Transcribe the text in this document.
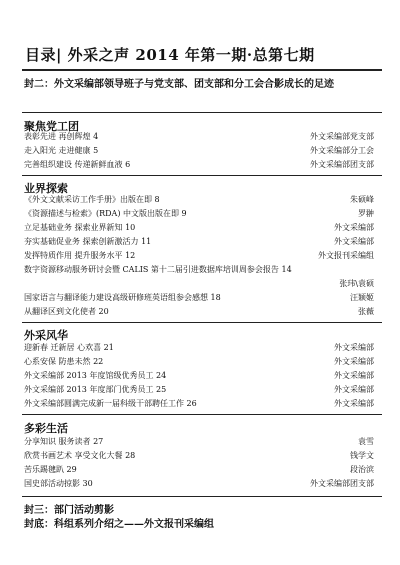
目录| 外采之声 2014 年第一期·总第七期
封二：外文采编部领导班子与党支部、团支部和分工会合影成长的足迹
聚焦党工团
表彰先进 再创辉煌 4	外文采编部党支部
走入阳光 走进健康 5	外文采编部分工会
完善组织建设 传递新鲜血液 6	外文采编部团支部
业界探索
《外文文献采访工作手册》出版在即 8	朱硕峰
《资源描述与检索》(RDA) 中文版出版在即 9	罗翀
立足基础业务 探索业界新知 10	外文采编部
夯实基础促业务 探索创新激活力 11	外文采编部
发挥特质作用 提升服务水平 12	外文报刊采编组
数字资源移动服务研讨会暨 CALIS 第十二届引进数据库培训周参会报告 14
张玮\袁硕
国家语言与翻译能力建设高级研修班英语组参会感想 18	汪颖姬
从翻译区到文化使者 20	张薇
外采风华
迎新春 迁新居 心欢喜 21	外文采编部
心系安保 防患未然 22	外文采编部
外文采编部 2013 年度馆级优秀员工 24	外文采编部
外文采编部 2013 年度部门优秀员工 25	外文采编部
外文采编部圆满完成新一届科级干部聘任工作 26	外文采编部
多彩生活
分享知识 服务读者 27	袁雪
欣赏书画艺术 享受文化大餐 28	钱学文
苦乐踢毽趴 29	段治滨
国史部活动掠影 30	外文采编部团支部
封三：部门活动剪影
封底：科组系列介绍之——外文报刊采编组
